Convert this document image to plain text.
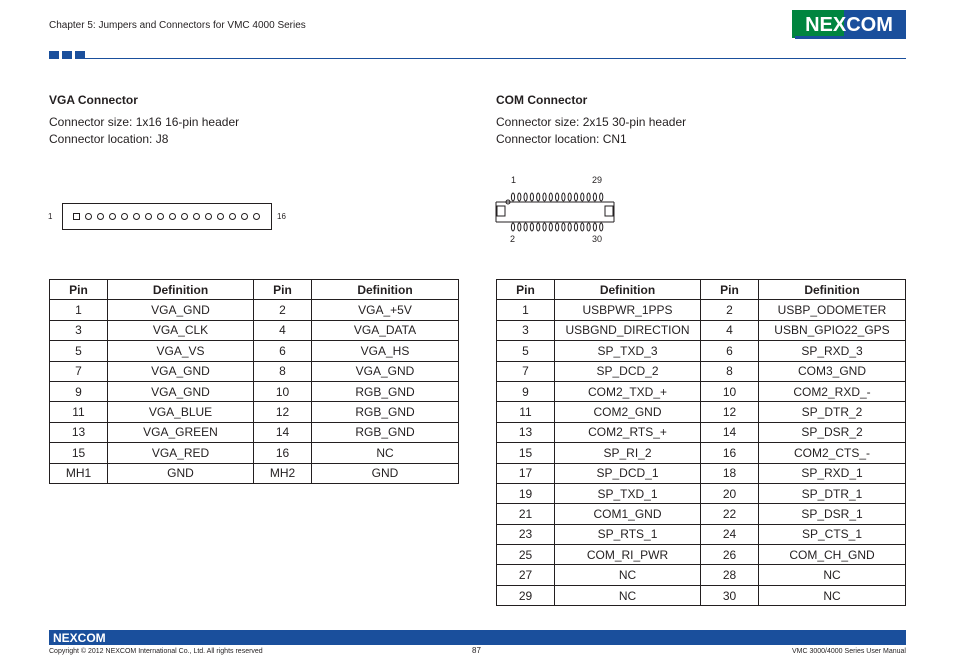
Chapter 5: Jumpers and Connectors for VMC 4000 Series	NEXCOM
VGA Connector
Connector size: 1x16 16-pin header
Connector location: J8
1	16
Pin	Definition	Pin	Definition
1	VGA_GND	2	VGA_+5V
3	VGA_CLK	4	VGA_DATA
5	VGA_VS	6	VGA_HS
7	VGA_GND	8	VGA_GND
9	VGA_GND	10	RGB_GND
11	VGA_BLUE	12	RGB_GND
13	VGA_GREEN	14	RGB_GND
15	VGA_RED	16	NC
MH1	GND	MH2	GND
COM Connector
Connector size: 2x15 30-pin header
Connector location: CN1
1	29
2	30
Pin	Definition	Pin	Definition
1	USBPWR_1PPS	2	USBP_ODOMETER
3	USBGND_DIRECTION	4	USBN_GPIO22_GPS
5	SP_TXD_3	6	SP_RXD_3
7	SP_DCD_2	8	COM3_GND
9	COM2_TXD_+	10	COM2_RXD_-
11	COM2_GND	12	SP_DTR_2
13	COM2_RTS_+	14	SP_DSR_2
15	SP_RI_2	16	COM2_CTS_-
17	SP_DCD_1	18	SP_RXD_1
19	SP_TXD_1	20	SP_DTR_1
21	COM1_GND	22	SP_DSR_1
23	SP_RTS_1	24	SP_CTS_1
25	COM_RI_PWR	26	COM_CH_GND
27	NC	28	NC
29	NC	30	NC
NEXCOM
Copyright © 2012 NEXCOM International Co., Ltd. All rights reserved	87	VMC 3000/4000 Series User Manual
